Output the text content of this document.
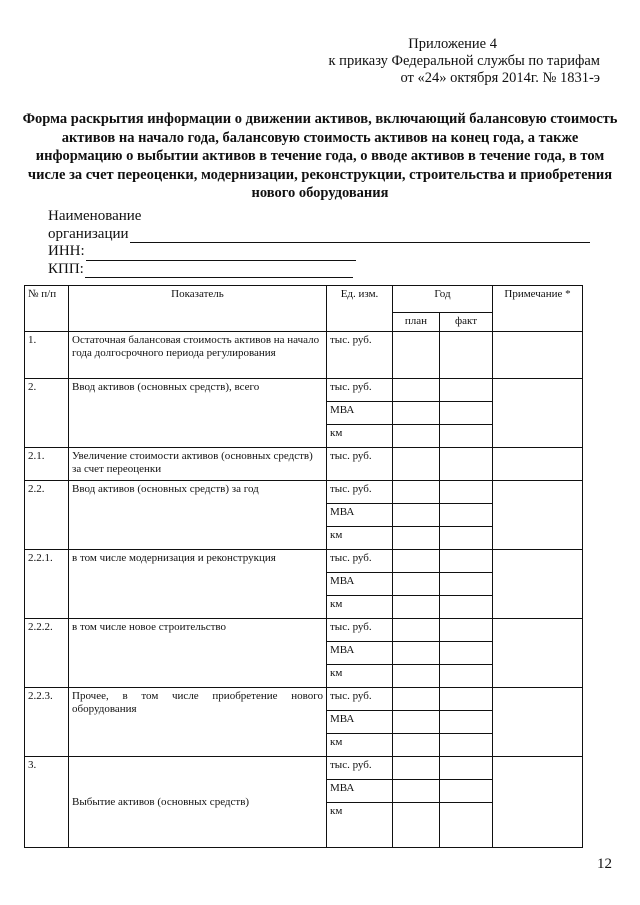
Приложение 4
к приказу Федеральной службы по тарифам
от «24» октября 2014г. № 1831-э
Форма раскрытия информации о движении активов, включающий балансовую стоимость активов на начало года, балансовую стоимость активов на конец года, а также информацию о выбытии активов в течение года, о вводе активов в течение года, в том числе за счет переоценки, модернизации, реконструкции, строительства и приобретения нового оборудования
Наименование
организации
ИНН:
КПП:
№ п/п	Показатель	Ед. изм.	Год		Примечание *
			план	факт	
1.	Остаточная балансовая стоимость активов на начало года долгосрочного периода регулирования	тыс. руб.			
2.	Ввод активов (основных средств), всего	тыс. руб.			
		МВА			
		км			
2.1.	Увеличение стоимости активов (основных средств) за счет переоценки	тыс. руб.			
2.2.	Ввод активов (основных средств) за год	тыс. руб.			
		МВА			
		км			
2.2.1.	в том числе модернизация и реконструкция	тыс. руб.			
		МВА			
		км			
2.2.2.	в том числе новое строительство	тыс. руб.			
		МВА			
		км			
2.2.3.	Прочее, в том числе приобретение нового оборудования	тыс. руб.			
		МВА			
		км			
3.	Выбытие активов (основных средств)	тыс. руб.			
		МВА			
		км			
12
